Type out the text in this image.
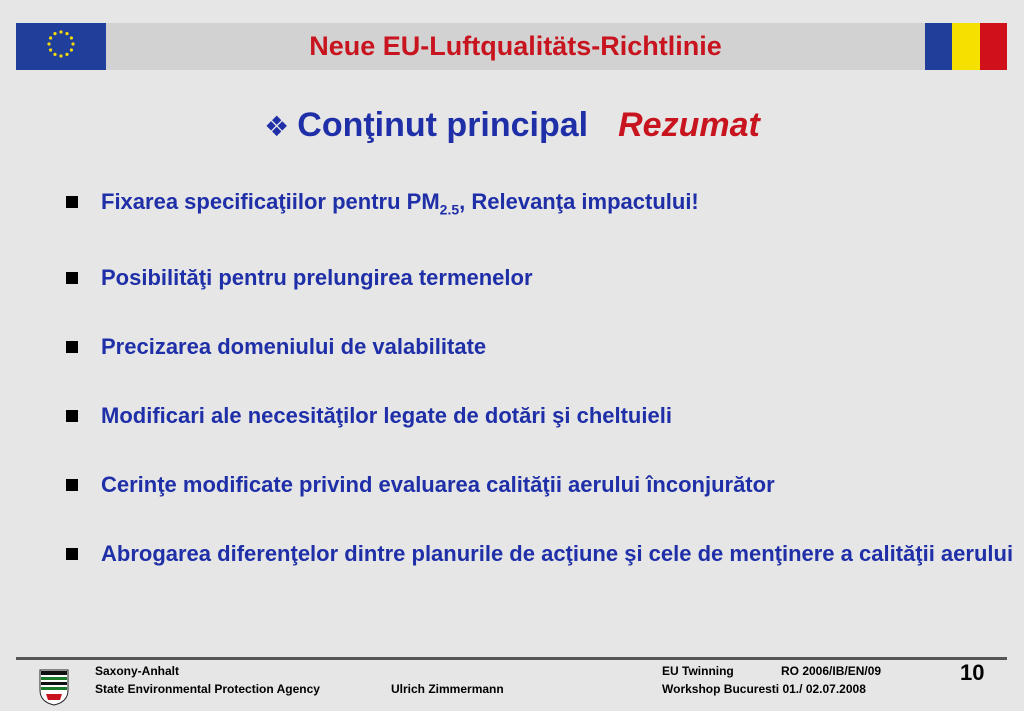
Neue EU-Luftqualitäts-Richtlinie
❖ Conţinut principal Rezumat
Fixarea specificaţiilor pentru $PM_{2.5}$, Relevanţa impactului!
Posibilităţi pentru prelungirea termenelor
Precizarea domeniului de valabilitate
Modificari ale necesităţilor legate de dotări şi cheltuieli
Cerinţe modificate privind evaluarea calităţii aerului înconjurător
Abrogarea diferenţelor dintre planurile de acţiune şi cele de menţinere a calităţii aerului
Saxony-Anhalt
State Environmental Protection Agency	Ulrich Zimmermann
EU Twinning	RO 2006/IB/EN/09
Workshop Bucuresti 01./ 02.07.2008
10
